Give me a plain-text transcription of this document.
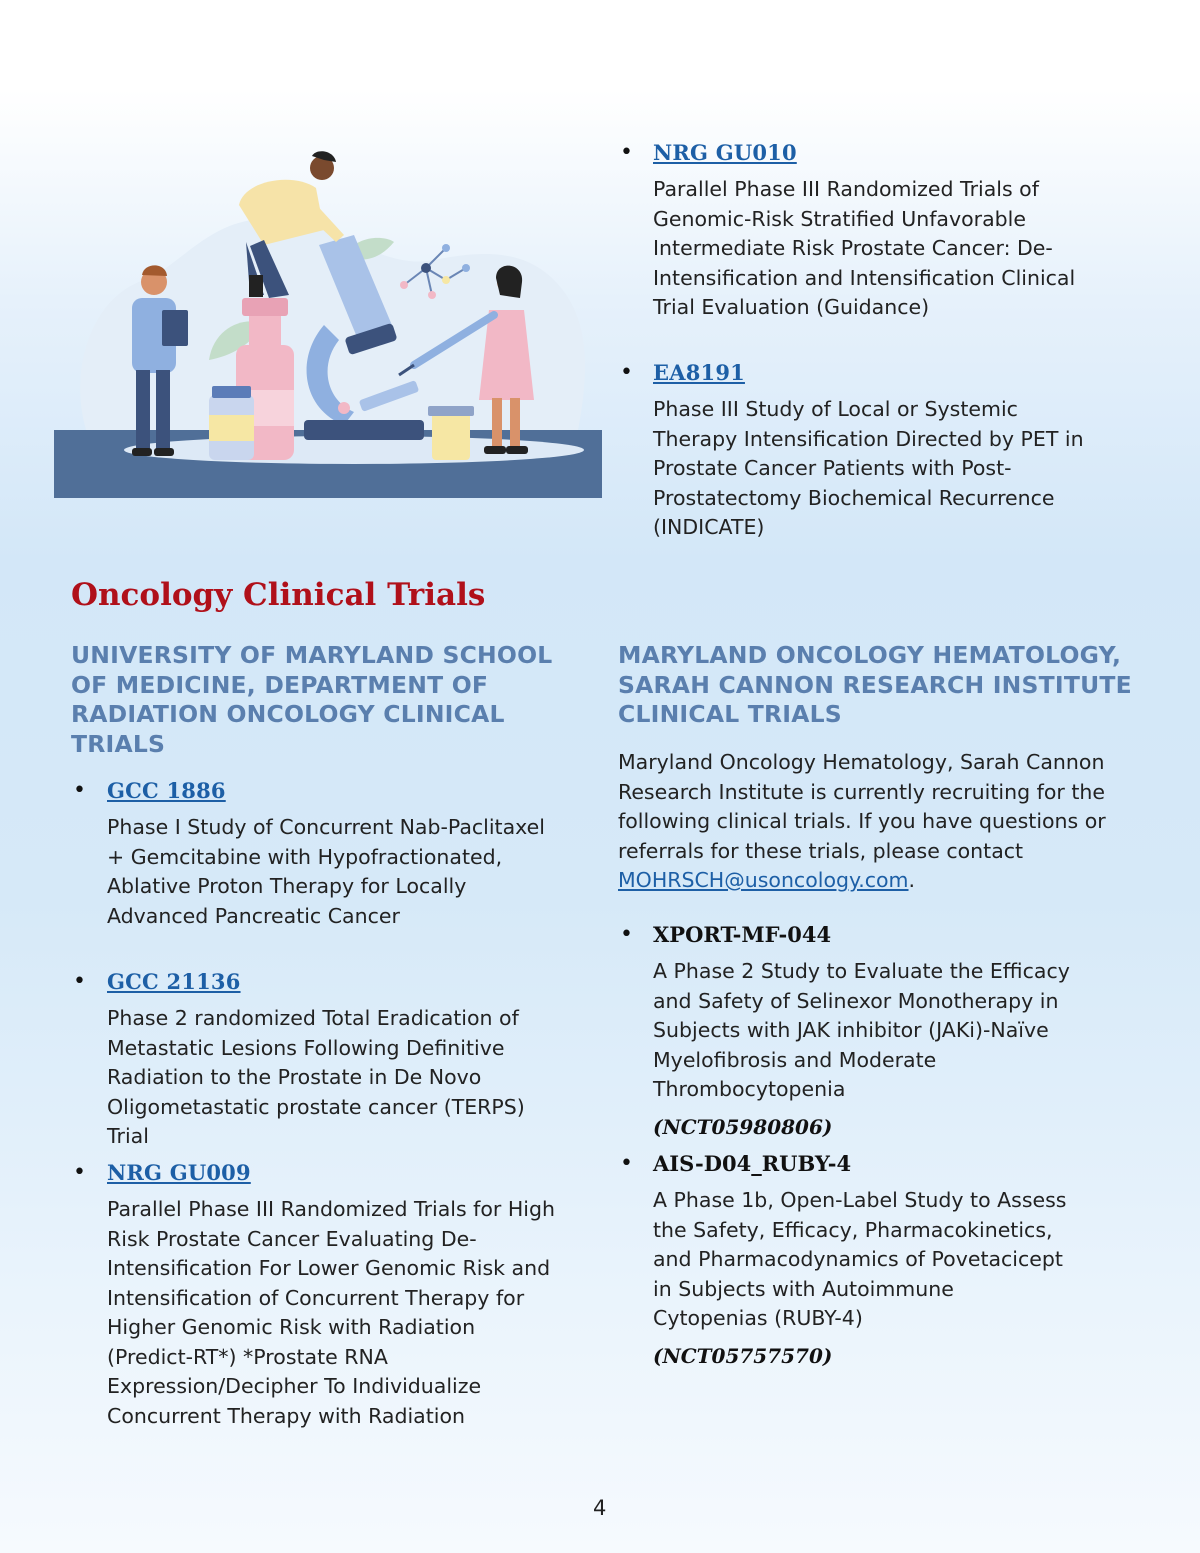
• NRG GU010
Parallel Phase III Randomized Trials of Genomic-Risk Stratified Unfavorable Intermediate Risk Prostate Cancer: De-Intensification and Intensification Clinical Trial Evaluation (Guidance)
• EA8191
Phase III Study of Local or Systemic Therapy Intensification Directed by PET in Prostate Cancer Patients with Post-Prostatectomy Biochemical Recurrence (INDICATE)
Oncology Clinical Trials
UNIVERSITY OF MARYLAND SCHOOL OF MEDICINE, DEPARTMENT OF RADIATION ONCOLOGY CLINICAL TRIALS
• GCC 1886
Phase I Study of Concurrent Nab-Paclitaxel + Gemcitabine with Hypofractionated, Ablative Proton Therapy for Locally Advanced Pancreatic Cancer
• GCC 21136
Phase 2 randomized Total Eradication of Metastatic Lesions Following Definitive Radiation to the Prostate in De Novo Oligometastatic prostate cancer (TERPS) Trial
• NRG GU009
Parallel Phase III Randomized Trials for High Risk Prostate Cancer Evaluating De-Intensification For Lower Genomic Risk and Intensification of Concurrent Therapy for Higher Genomic Risk with Radiation (Predict-RT*) *Prostate RNA Expression/Decipher To Individualize Concurrent Therapy with Radiation
MARYLAND ONCOLOGY HEMATOLOGY, SARAH CANNON RESEARCH INSTITUTE CLINICAL TRIALS
Maryland Oncology Hematology, Sarah Cannon Research Institute is currently recruiting for the following clinical trials. If you have questions or referrals for these trials, please contact MOHRSCH@usoncology.com.
• XPORT-MF-044
A Phase 2 Study to Evaluate the Efficacy and Safety of Selinexor Monotherapy in Subjects with JAK inhibitor (JAKi)-Naïve Myelofibrosis and Moderate Thrombocytopenia
(NCT05980806)
• AIS-D04_RUBY-4
A Phase 1b, Open-Label Study to Assess the Safety, Efficacy, Pharmacokinetics, and Pharmacodynamics of Povetacicept in Subjects with Autoimmune Cytopenias (RUBY-4)
(NCT05757570)
4
